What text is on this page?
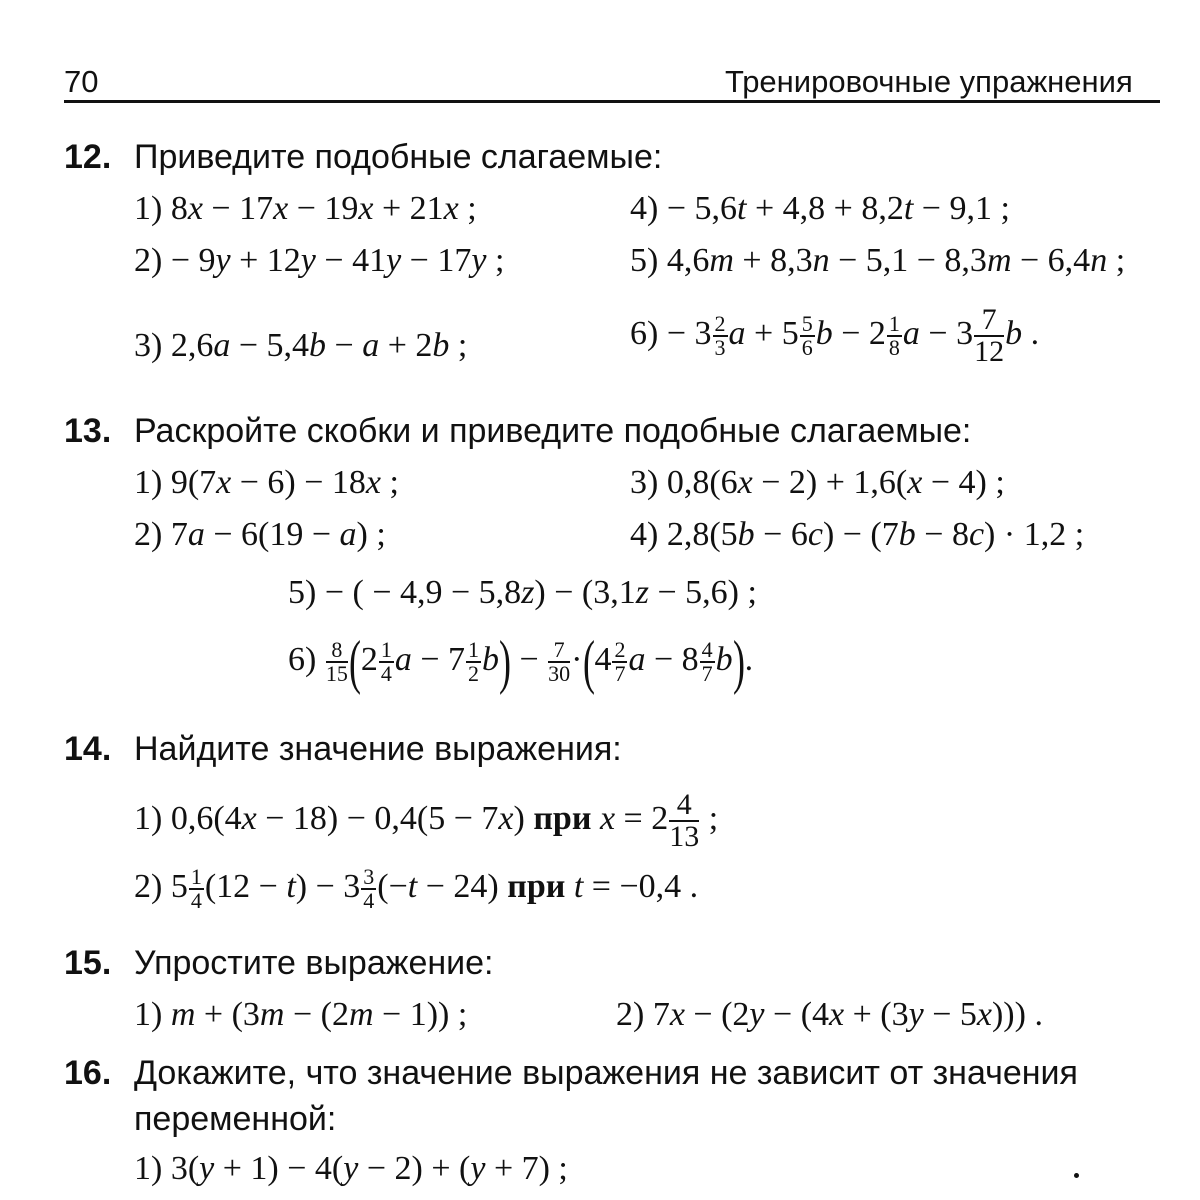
70	Тренировочные упражнения
12. Приведите подобные слагаемые:
1) 8x − 17x − 19x + 21x ;	4) − 5,6t + 4,8 + 8,2t − 9,1 ;
2) − 9y + 12y − 41y − 17y ;	5) 4,6m + 8,3n − 5,1 − 8,3m − 6,4n ;
3) 2,6a − 5,4b − a + 2b ;	$6) - 3 \frac{2}{3}$ $a + 5 \frac{5}{6}$ $b - 2 \frac{1}{8}$ $a - 3 \frac{7}{12}$ b .
13. Раскройте скобки и приведите подобные слагаемые:
1) 9(7x − 6) − 18x ;	3) 0,8(6x − 2) + 1,6(x − 4) ;
2) 7a − 6(19 − a) ;	4) 2,8(5b − 6c) − (7b − 8c) · 1,2 ;
5) − ( − 4,9 − 5,8z) − (3,1z − 5,6) ;
$6) \frac{8}{15} (2 \frac{1}{4}$ $a - 7 \frac{1}{2} b) - \frac{7}{30} \cdot(4 \frac{2}{7}$ $a - 8 \frac{4}{7} b$).
14. Найдите значение выражения:
1) 0,6(4x − 18) − 0,4(5 − 7x) при $x = 2 \frac{4}{13}$ ;
2) $5 \frac{1}{4} (12 - t) - 3 \frac{3}{4} (-t - 24)$ при t = −0,4 .
15. Упростите выражение:
1) m + (3m − (2m − 1)) ;	2) 7x − (2y − (4x + (3y − 5x))) .
16. Докажите, что значение выражения не зависит от значения
переменной:
1) 3(y + 1) − 4(y − 2) + (y + 7) ;
